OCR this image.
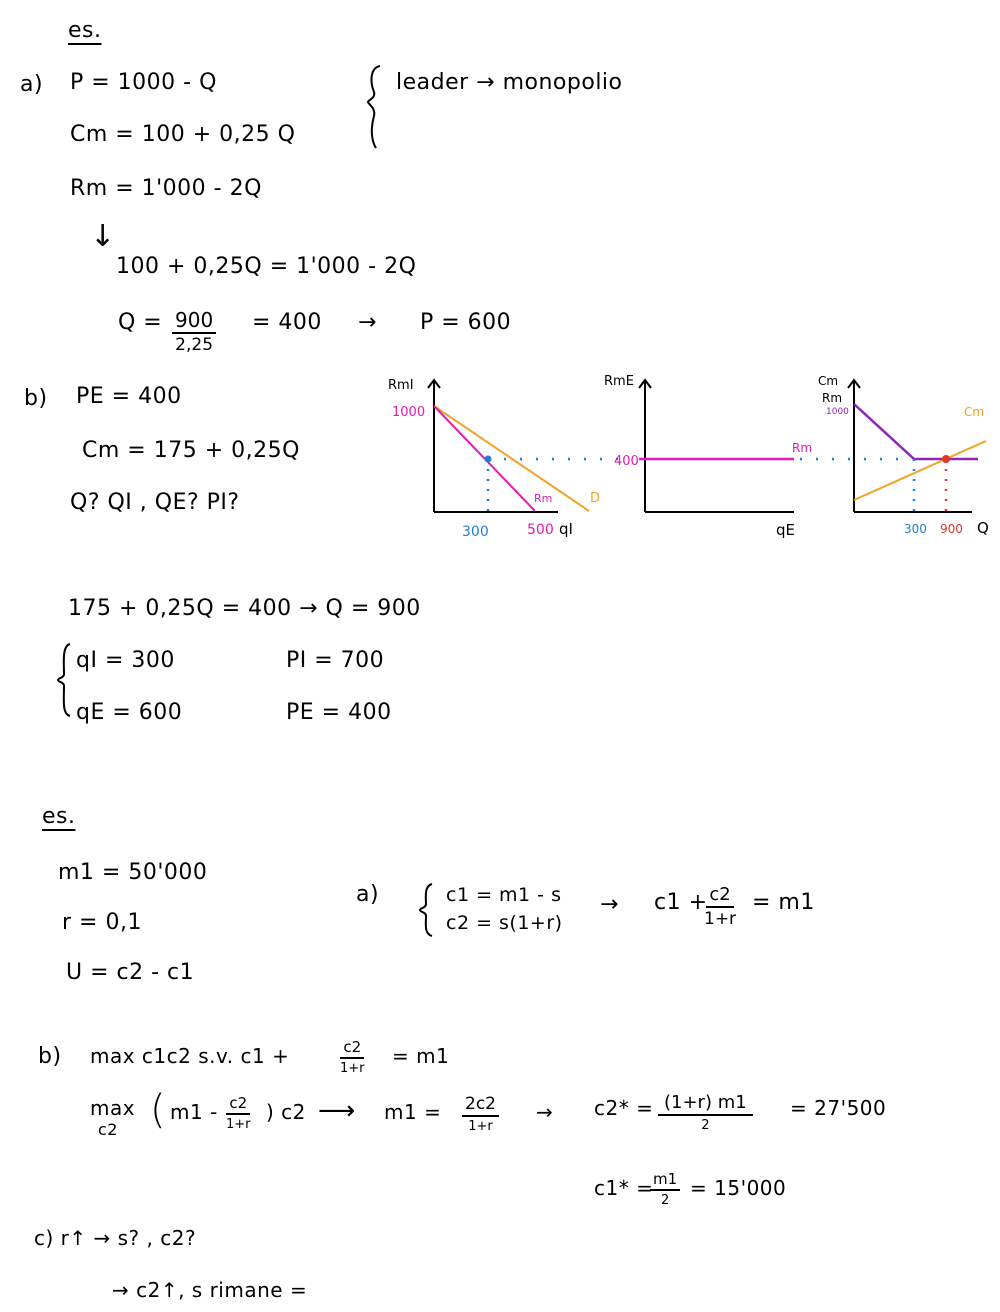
es.
a) P = 1000 - Q
Cm = 100 + 0,25 Q
leader → monopolio
Rm = 1'000 - 2Q
↓
100 + 0,25Q = 1'000 - 2Q
$Q = \frac{900}{2,25} = 400 \to P = 600$
b) PE = 400
Cm = 175 + 0,25Q
Q? QI , QE? PI?
175 + 0,25Q = 400 → Q = 900
qI = 300	PI = 700
qE = 600	PE = 400
RmI
1000
300	500 qI
Rm	D
RmE
400
qE
Rm
Cm
Rm
1000	Cm
300 900 Q
es.
m1 = 50'000
r = 0,1
U = c2 - c1
a)	c1 = m1 - s
c2 = s(1+r)
→ c1 +
$\frac{c2}{1+r} = m1$
b) max c1c2 s.v. c1 +	$\frac{c2}{1+r} = m1$
max
c2 ( $m1 - \frac{c2}{1+r}$ ) c2 ⟶ m1 = 2c2
1+r
→ c2* = (1+r) m1
2
= 27'500
c1* =
$\frac{m1}{2} = 15'000$
c) r↑ → s? , c2?
→ c2↑, s rimane =
